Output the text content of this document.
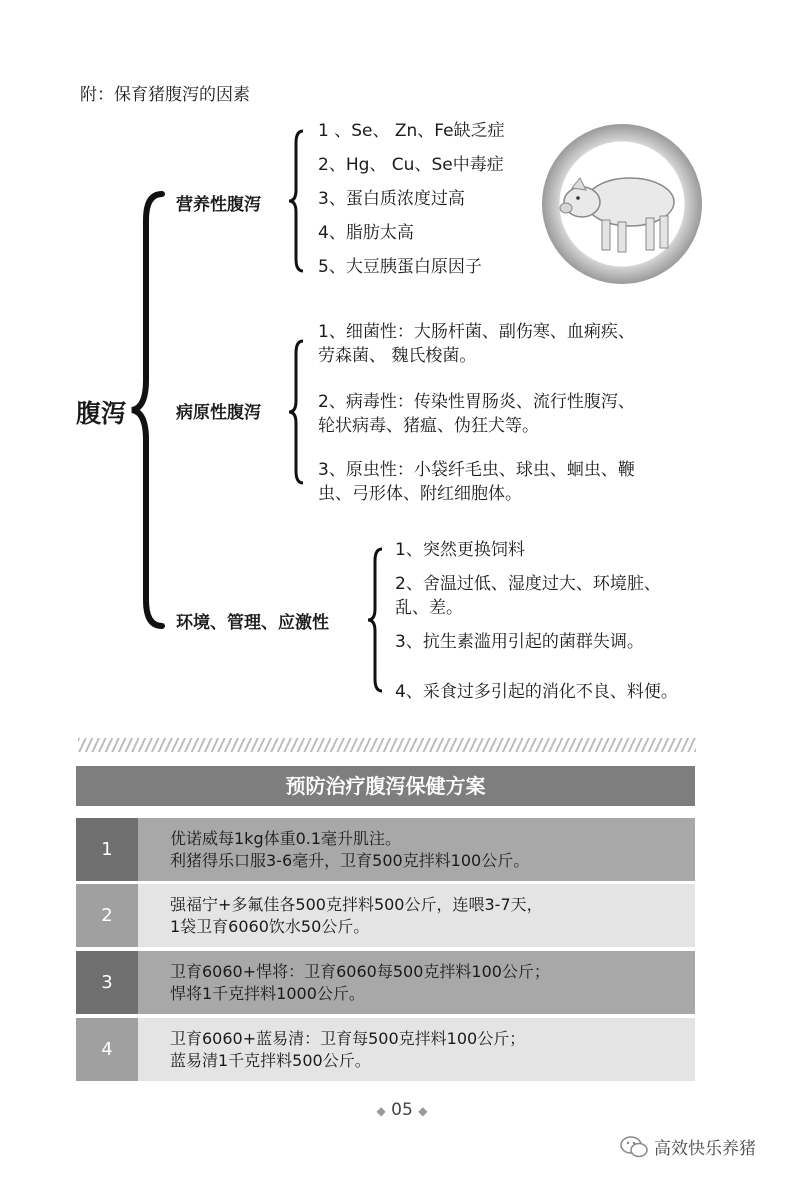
附：保育猪腹泻的因素
腹泻
营养性腹泻
1 、Se、 Zn、Fe缺乏症
2、Hg、 Cu、Se中毒症
3、蛋白质浓度过高
4、脂肪太高
5、大豆胰蛋白原因子
病原性腹泻
1、细菌性：大肠杆菌、副伤寒、血痢疾、
劳森菌、 魏氏梭菌。
2、病毒性：传染性胃肠炎、流行性腹泻、
轮状病毒、猪瘟、伪狂犬等。
3、原虫性：小袋纤毛虫、球虫、蛔虫、鞭
虫、弓形体、附红细胞体。
环境、管理、应激性
1、突然更换饲料
2、舍温过低、湿度过大、环境脏、
乱、差。
3、抗生素滥用引起的菌群失调。
4、采食过多引起的消化不良、料便。
预防治疗腹泻保健方案
1
优诺威每1kg体重0.1毫升肌注。
利猪得乐口服3-6毫升，卫育500克拌料100公斤。
2
强福宁+多氟佳各500克拌料500公斤，连喂3-7天，
1袋卫育6060饮水50公斤。
3
卫育6060+悍将：卫育6060每500克拌料100公斤；
悍将1千克拌料1000公斤。
4
卫育6060+蓝易清：卫育每500克拌料100公斤；
蓝易清1千克拌料500公斤。
◆ 05 ◆
高效快乐养猪
